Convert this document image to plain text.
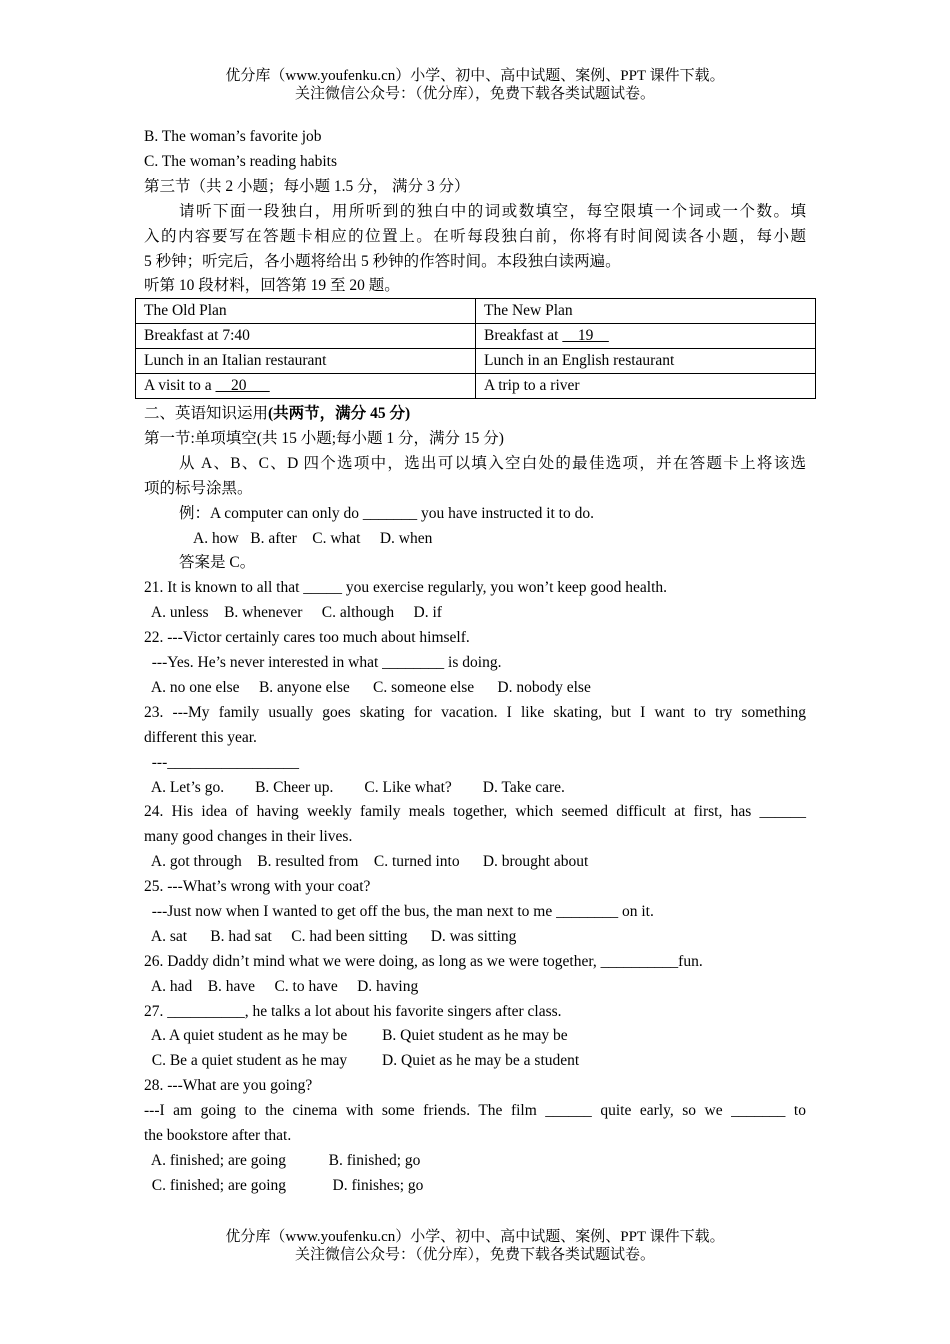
优分库（www.youfenku.cn）小学、初中、高中试题、案例、PPT 课件下载。
关注微信公众号：（优分库），免费下载各类试题试卷。
B. The woman’s favorite job
C. The woman’s reading habits
第三节（共 2 小题；每小题 1.5 分， 满分 3 分）
请听下面一段独白，用所听到的独白中的词或数填空，每空限填一个词或一个数。填
入的内容要写在答题卡相应的位置上。在听每段独白前，你将有时间阅读各小题，每小题
5 秒钟；听完后，各小题将给出 5 秒钟的作答时间。本段独白读两遍。
听第 10 段材料，回答第 19 至 20 题。
The Old Plan	The New Plan
Breakfast at 7:40	Breakfast at     19
Lunch in an Italian restaurant	Lunch in an English restaurant
A visit to a     20	A trip to a river
二、英语知识运用(共两节，满分 45 分)
第一节:单项填空(共 15 小题;每小题 1 分，满分 15 分)
从 A、B、C、D 四个选项中，选出可以填入空白处的最佳选项，并在答题卡上将该选
项的标号涂黑。
例：A computer can only do _______ you have instructed it to do.
A. how   B. after    C. what     D. when
答案是 C。
21. It is known to all that _____ you exercise regularly, you won’t keep good health.
A. unless    B. whenever     C. although     D. if
22. ---Victor certainly cares too much about himself.
---Yes. He’s never interested in what ________ is doing.
A. no one else     B. anyone else      C. someone else      D. nobody else
23. ---My family usually goes skating for vacation. I like skating, but I want to try something
different this year.
---_________________
A. Let’s go.        B. Cheer up.        C. Like what?        D. Take care.
24. His idea of having weekly family meals together, which seemed difficult at first, has ______
many good changes in their lives.
A. got through    B. resulted from    C. turned into      D. brought about
25. ---What’s wrong with your coat?
---Just now when I wanted to get off the bus, the man next to me ________ on it.
A. sat      B. had sat     C. had been sitting      D. was sitting
26. Daddy didn’t mind what we were doing, as long as we were together, __________fun.
A. had    B. have     C. to have     D. having
27. __________, he talks a lot about his favorite singers after class.
A. A quiet student as he may be         B. Quiet student as he may be
C. Be a quiet student as he may         D. Quiet as he may be a student
28. ---What are you going?
---I am going to the cinema with some friends. The film ______ quite early, so we _______ to
the bookstore after that.
A. finished; are going           B. finished; go
C. finished; are going            D. finishes; go
优分库（www.youfenku.cn）小学、初中、高中试题、案例、PPT 课件下载。
关注微信公众号：（优分库），免费下载各类试题试卷。
